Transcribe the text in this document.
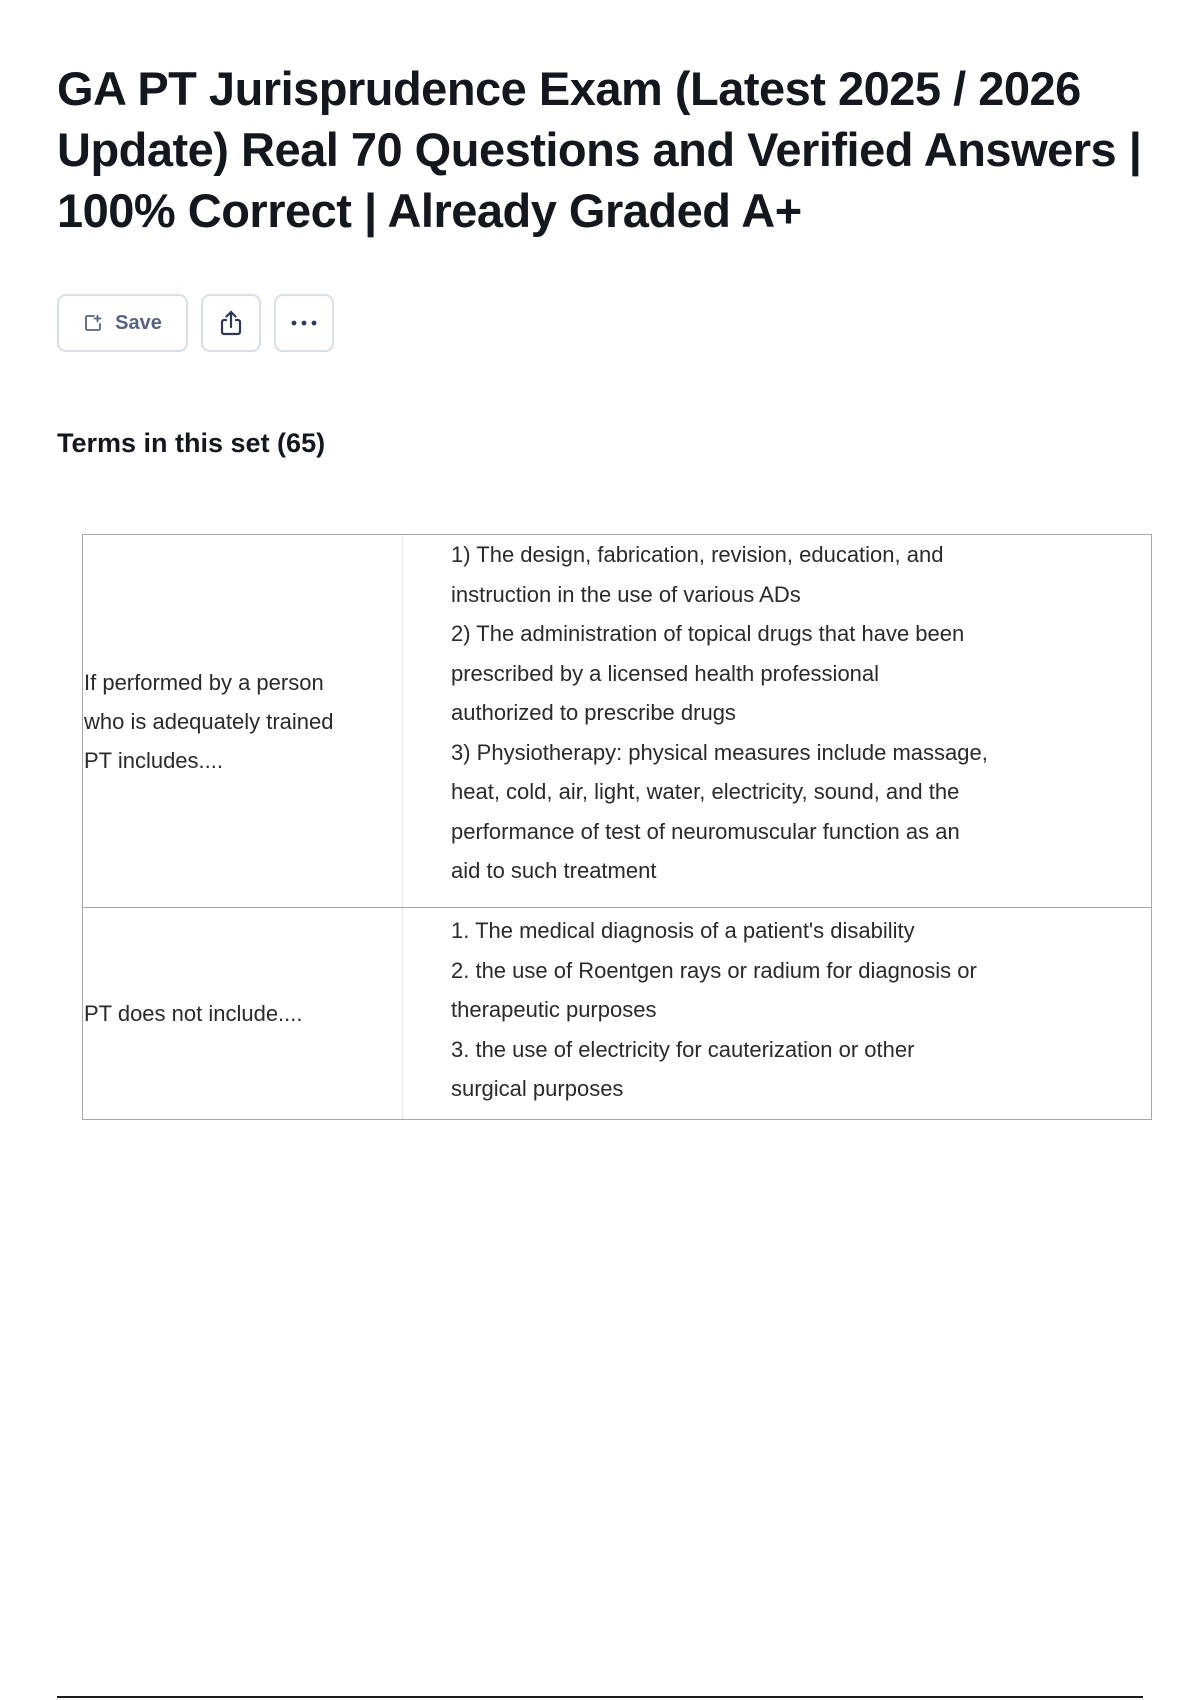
GA PT Jurisprudence Exam (Latest 2025 / 2026 Update) Real 70 Questions and Verified Answers | 100% Correct | Already Graded A+
Save
Terms in this set (65)
If performed by a person
who is adequately trained
PT includes....
1) The design, fabrication, revision, education, and
instruction in the use of various ADs
2) The administration of topical drugs that have been
prescribed by a licensed health professional
authorized to prescribe drugs
3) Physiotherapy: physical measures include massage,
heat, cold, air, light, water, electricity, sound, and the
performance of test of neuromuscular function as an
aid to such treatment
PT does not include....
1. The medical diagnosis of a patient's disability
2. the use of Roentgen rays or radium for diagnosis or
therapeutic purposes
3. the use of electricity for cauterization or other
surgical purposes
